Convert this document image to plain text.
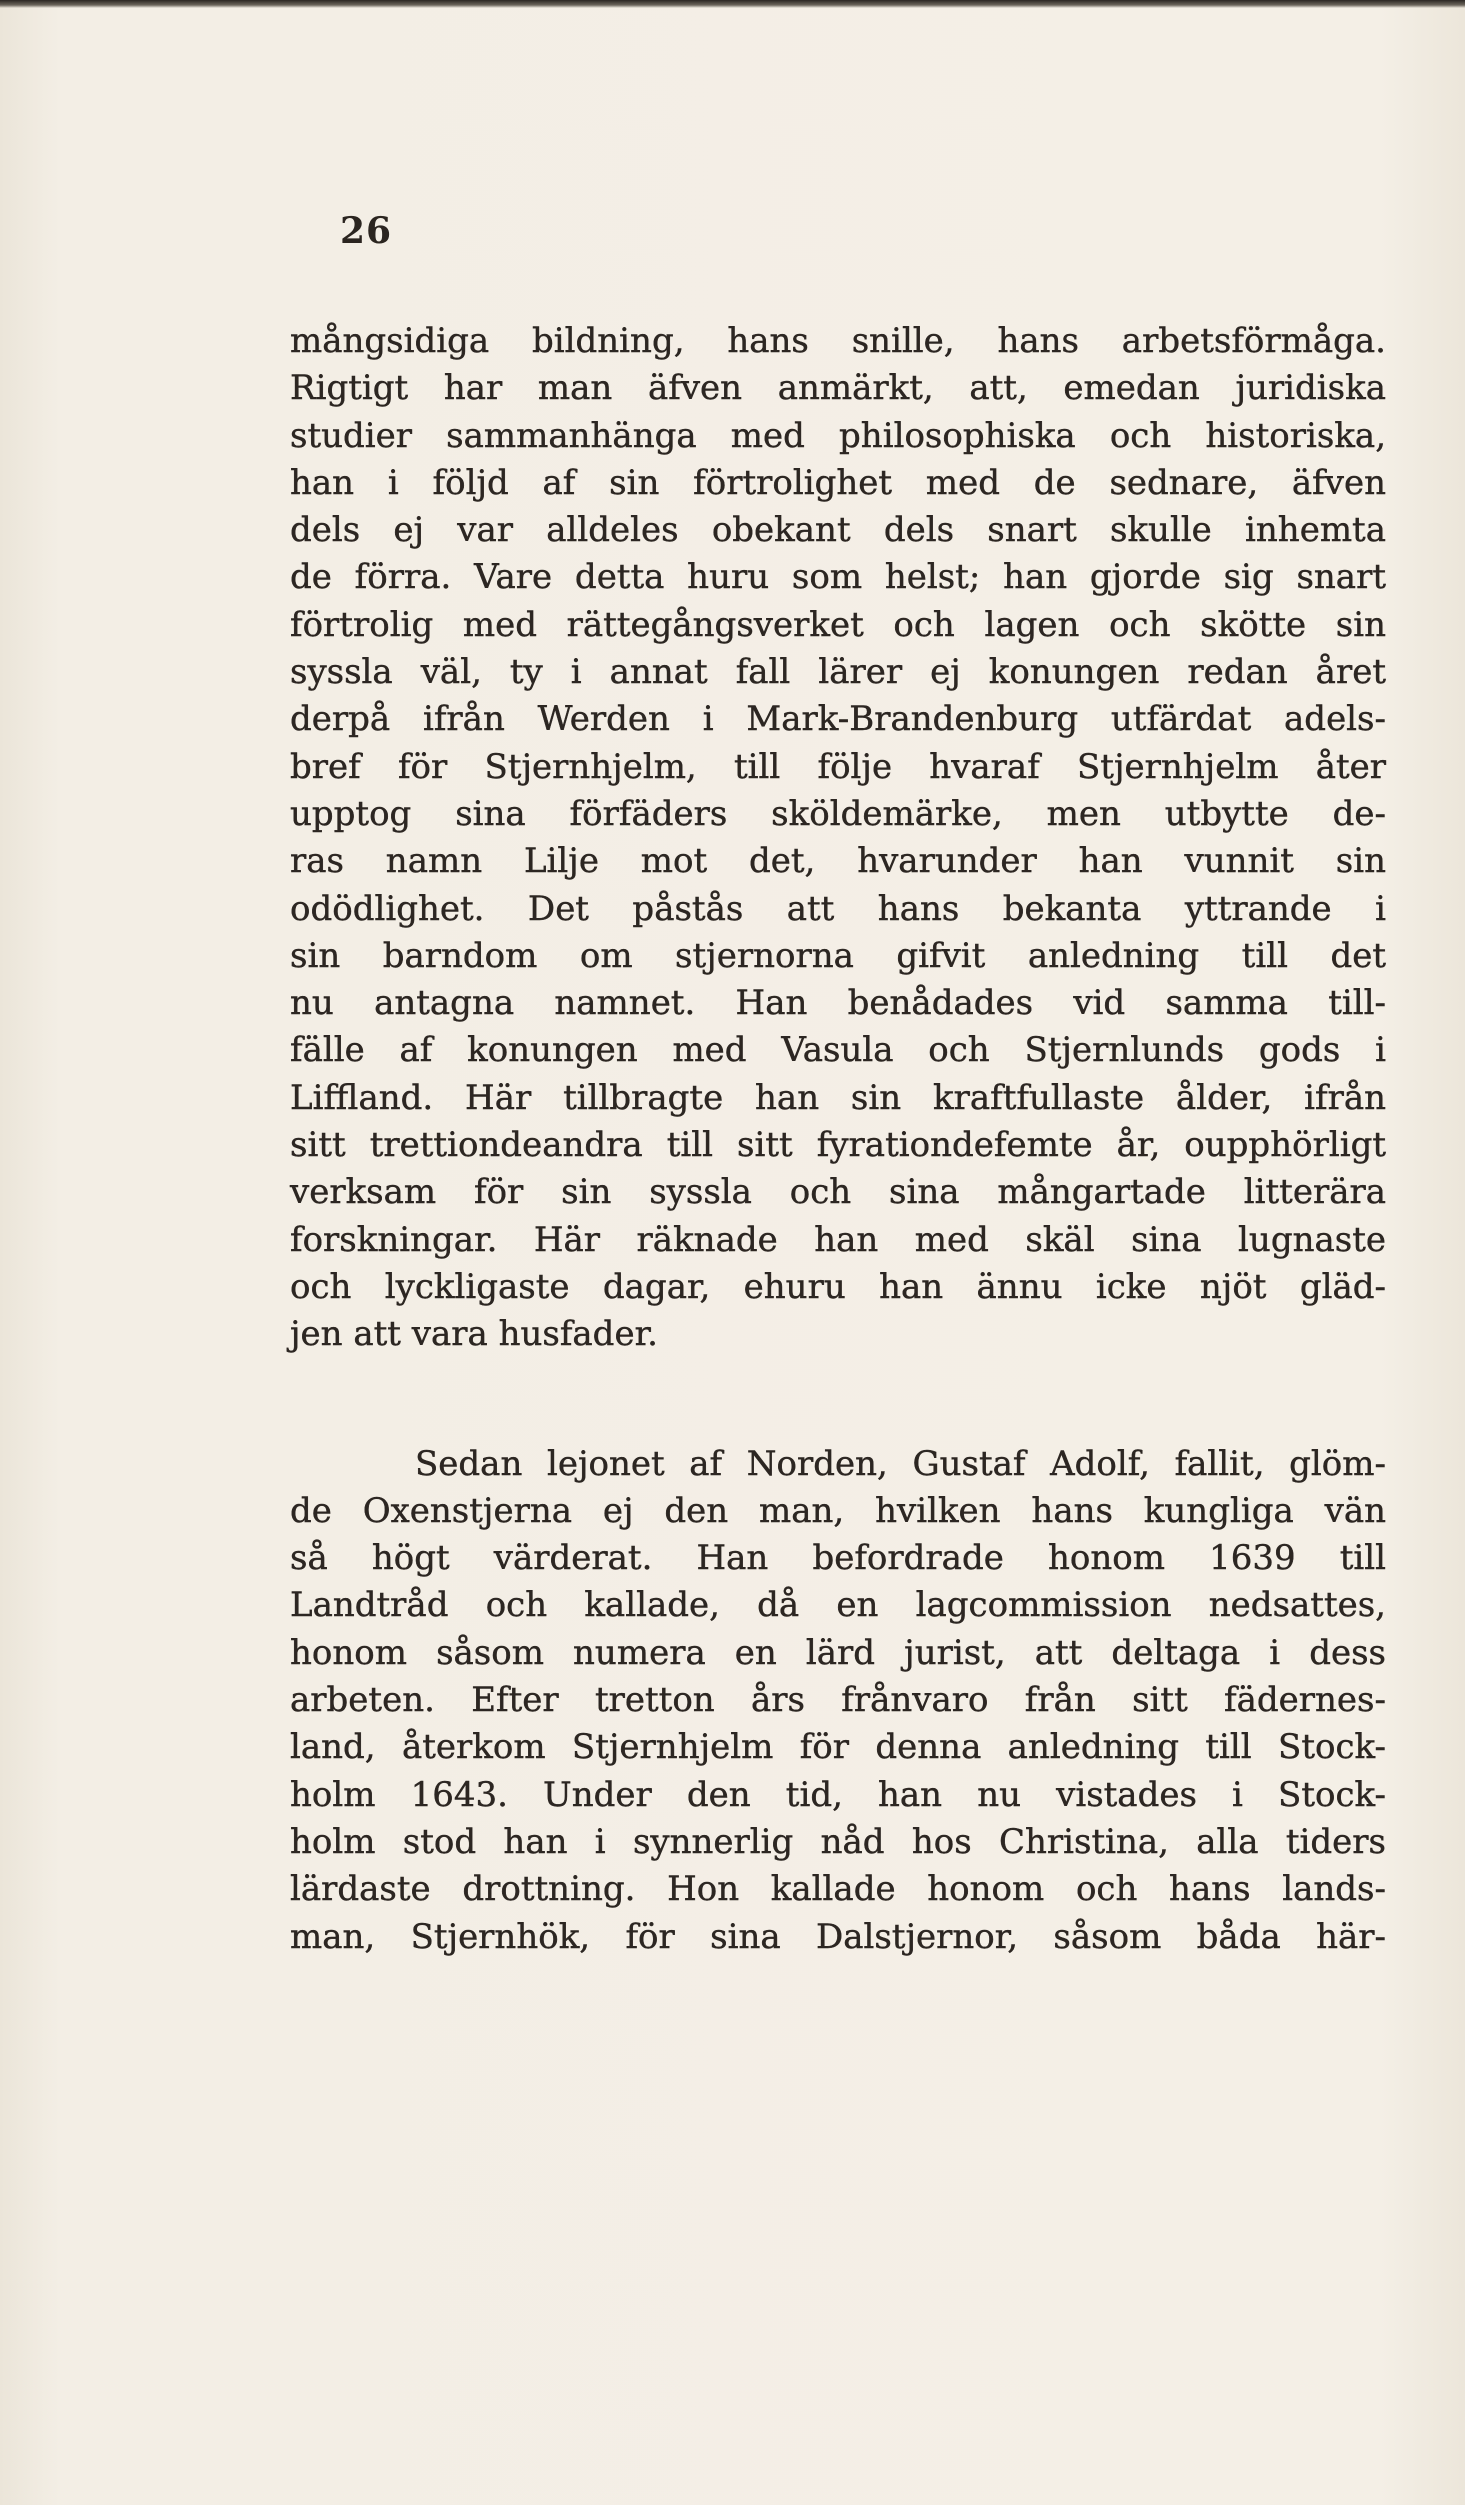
26
mångsidiga bildning, hans snille, hans arbetsförmåga.
Rigtigt har man äfven anmärkt, att, emedan juridiska
studier sammanhänga med philosophiska och historiska,
han i följd af sin förtrolighet med de sednare, äfven
dels ej var alldeles obekant dels snart skulle inhemta
de förra. Vare detta huru som helst; han gjorde sig snart
förtrolig med rättegångsverket och lagen och skötte sin
syssla väl, ty i annat fall lärer ej konungen redan året
derpå ifrån Werden i Mark-Brandenburg utfärdat adels-
bref för Stjernhjelm, till följe hvaraf Stjernhjelm åter
upptog sina förfäders sköldemärke, men utbytte de-
ras namn Lilje mot det, hvarunder han vunnit sin
odödlighet. Det påstås att hans bekanta yttrande i
sin barndom om stjernorna gifvit anledning till det
nu antagna namnet. Han benådades vid samma till-
fälle af konungen med Vasula och Stjernlunds gods i
Liffland. Här tillbragte han sin kraftfullaste ålder, ifrån
sitt trettiondeandra till sitt fyrationdefemte år, oupphörligt
verksam för sin syssla och sina mångartade litterära
forskningar. Här räknade han med skäl sina lugnaste
och lyckligaste dagar, ehuru han ännu icke njöt gläd-
jen att vara husfader.
Sedan lejonet af Norden, Gustaf Adolf, fallit, glöm-
de Oxenstjerna ej den man, hvilken hans kungliga vän
så högt värderat. Han befordrade honom 1639 till
Landtråd och kallade, då en lagcommission nedsattes,
honom såsom numera en lärd jurist, att deltaga i dess
arbeten. Efter tretton års frånvaro från sitt fädernes-
land, återkom Stjernhjelm för denna anledning till Stock-
holm 1643. Under den tid, han nu vistades i Stock-
holm stod han i synnerlig nåd hos Christina, alla tiders
lärdaste drottning. Hon kallade honom och hans lands-
man, Stjernhök, för sina Dalstjernor, såsom båda här-
